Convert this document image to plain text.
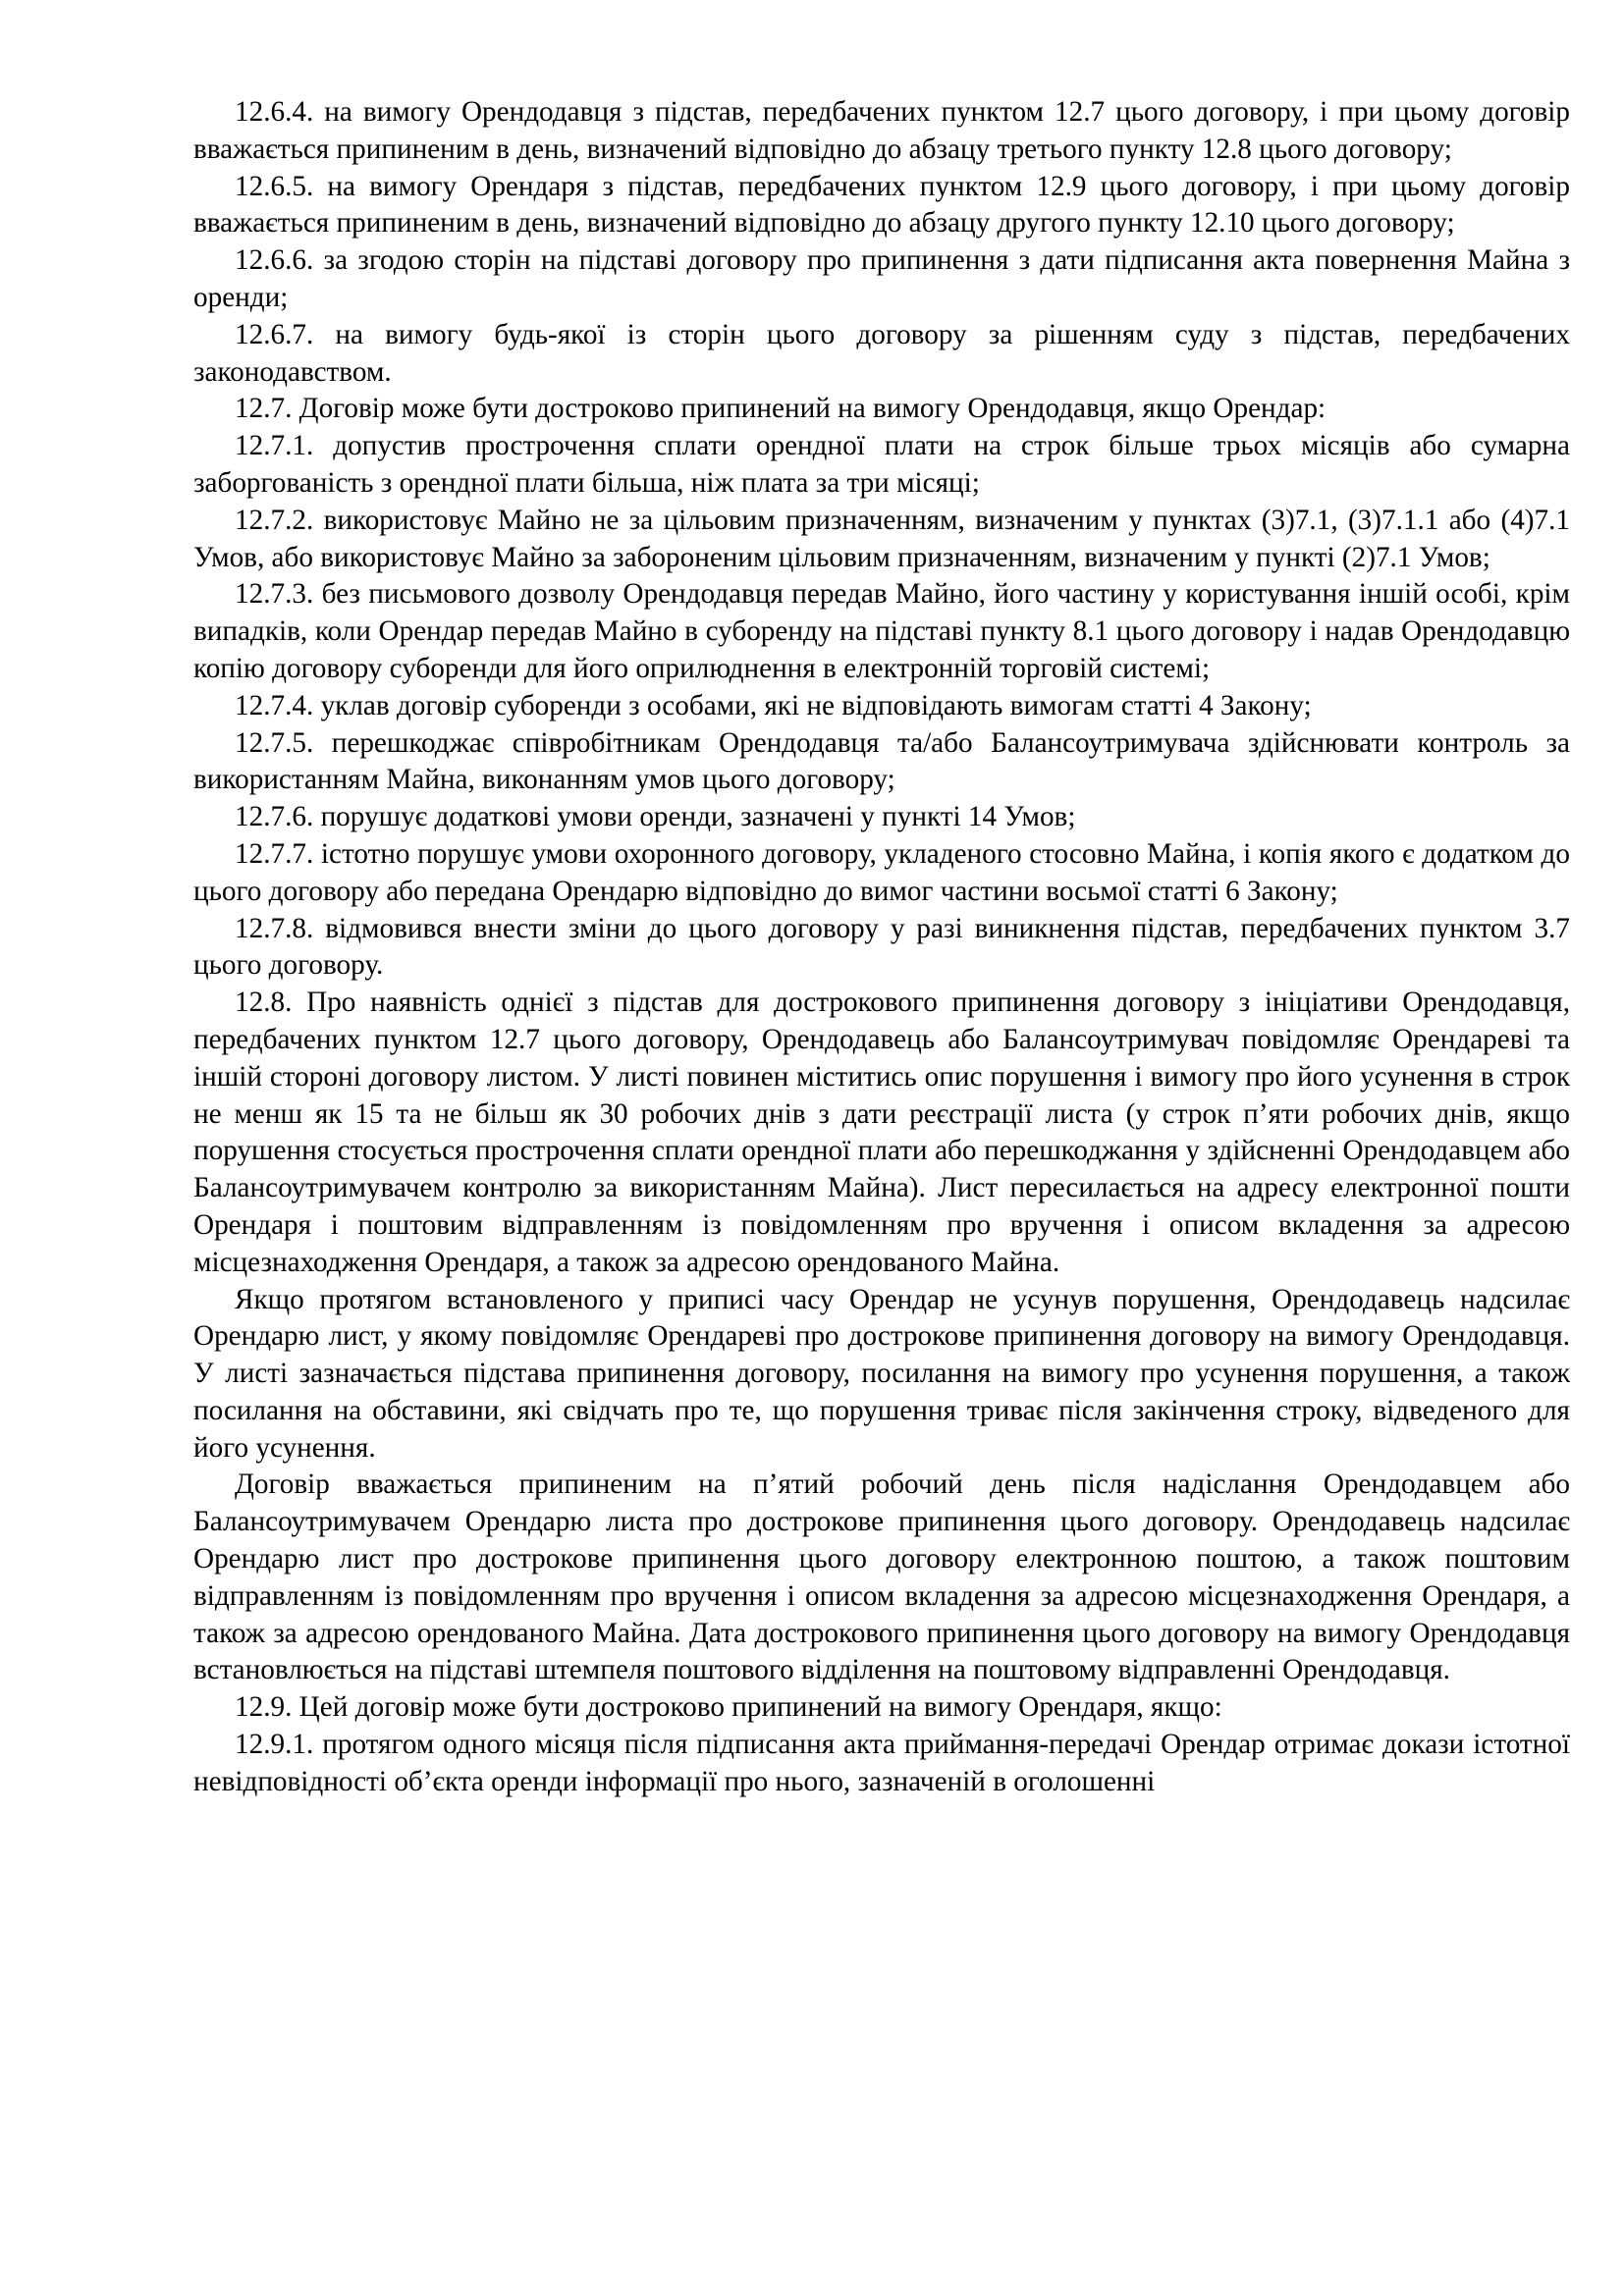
12.6.4. на вимогу Орендодавця з підстав, передбачених пунктом 12.7 цього договору, і при цьому договір вважається припиненим в день, визначений відповідно до абзацу третього пункту 12.8 цього договору;

12.6.5. на вимогу Орендаря з підстав, передбачених пунктом 12.9 цього договору, і при цьому договір вважається припиненим в день, визначений відповідно до абзацу другого пункту 12.10 цього договору;

12.6.6. за згодою сторін на підставі договору про припинення з дати підписання акта повернення Майна з оренди;

12.6.7. на вимогу будь-якої із сторін цього договору за рішенням суду з підстав, передбачених законодавством.

12.7. Договір може бути достроково припинений на вимогу Орендодавця, якщо Орендар:

12.7.1. допустив прострочення сплати орендної плати на строк більше трьох місяців або сумарна заборгованість з орендної плати більша, ніж плата за три місяці;

12.7.2. використовує Майно не за цільовим призначенням, визначеним у пунктах (3)7.1, (3)7.1.1 або (4)7.1 Умов, або використовує Майно за забороненим цільовим призначенням, визначеним у пункті (2)7.1 Умов;

12.7.3. без письмового дозволу Орендодавця передав Майно, його частину у користування іншій особі, крім випадків, коли Орендар передав Майно в суборенду на підставі пункту 8.1 цього договору і надав Орендодавцю копію договору суборенди для його оприлюднення в електронній торговій системі;

12.7.4. уклав договір суборенди з особами, які не відповідають вимогам статті 4 Закону;

12.7.5. перешкоджає співробітникам Орендодавця та/або Балансоутримувача здійснювати контроль за використанням Майна, виконанням умов цього договору;

12.7.6. порушує додаткові умови оренди, зазначені у пункті 14 Умов;

12.7.7. істотно порушує умови охоронного договору, укладеного стосовно Майна, і копія якого є додатком до цього договору або передана Орендарю відповідно до вимог частини восьмої статті 6 Закону;

12.7.8. відмовився внести зміни до цього договору у разі виникнення підстав, передбачених пунктом 3.7 цього договору.

12.8. Про наявність однієї з підстав для дострокового припинення договору з ініціативи Орендодавця, передбачених пунктом 12.7 цього договору, Орендодавець або Балансоутримувач повідомляє Орендареві та іншій стороні договору листом. У листі повинен міститись опис порушення і вимогу про його усунення в строк не менш як 15 та не більш як 30 робочих днів з дати реєстрації листа (у строк п’яти робочих днів, якщо порушення стосується прострочення сплати орендної плати або перешкоджання у здійсненні Орендодавцем або Балансоутримувачем контролю за використанням Майна). Лист пересилається на адресу електронної пошти Орендаря і поштовим відправленням із повідомленням про вручення і описом вкладення за адресою місцезнаходження Орендаря, а також за адресою орендованого Майна.

Якщо протягом встановленого у приписі часу Орендар не усунув порушення, Орендодавець надсилає Орендарю лист, у якому повідомляє Орендареві про дострокове припинення договору на вимогу Орендодавця. У листі зазначається підстава припинення договору, посилання на вимогу про усунення порушення, а також посилання на обставини, які свідчать про те, що порушення триває після закінчення строку, відведеного для його усунення.

Договір вважається припиненим на п’ятий робочий день після надіслання Орендодавцем або Балансоутримувачем Орендарю листа про дострокове припинення цього договору. Орендодавець надсилає Орендарю лист про дострокове припинення цього договору електронною поштою, а також поштовим відправленням із повідомленням про вручення і описом вкладення за адресою місцезнаходження Орендаря, а також за адресою орендованого Майна. Дата дострокового припинення цього договору на вимогу Орендодавця встановлюється на підставі штемпеля поштового відділення на поштовому відправленні Орендодавця.

12.9. Цей договір може бути достроково припинений на вимогу Орендаря, якщо:

12.9.1. протягом одного місяця після підписання акта приймання-передачі Орендар отримає докази істотної невідповідності об’єкта оренди інформації про нього, зазначеній в оголошенні
